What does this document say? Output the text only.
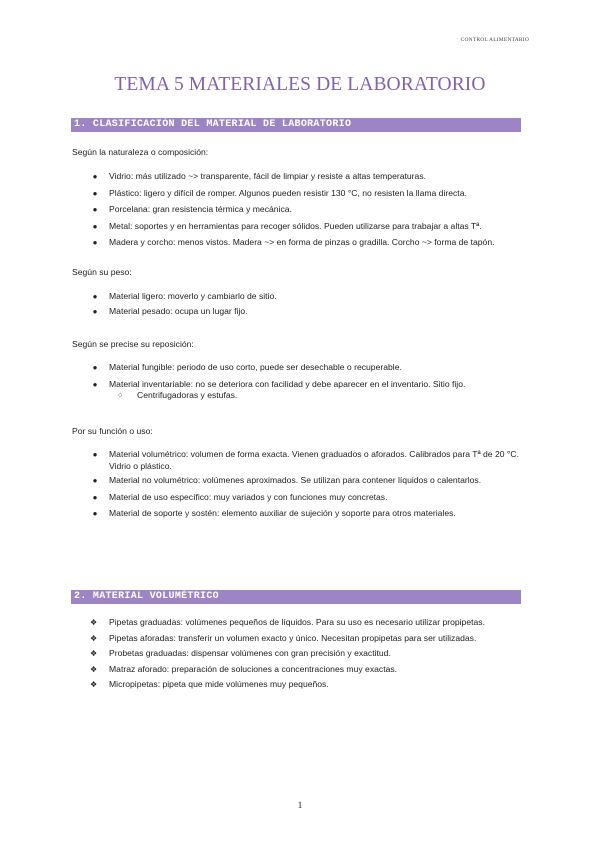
CONTROL ALIMENTARIO
TEMA 5 MATERIALES DE LABORATORIO
1. CLASIFICACIÓN DEL MATERIAL DE LABORATORIO
Según la naturaleza o composición:
● Vidrio: más utilizado ~> transparente, fácil de limpiar y resiste a altas temperaturas.
● Plástico: ligero y difícil de romper. Algunos pueden resistir 130 °C, no resisten la llama directa.
● Porcelana: gran resistencia térmica y mecánica.
● Metal: soportes y en herramientas para recoger sólidos. Pueden utilizarse para trabajar a altas Tª.
● Madera y corcho: menos vistos. Madera ~> en forma de pinzas o gradilla. Corcho ~> forma de tapón.
Según su peso:
● Material ligero: moverlo y cambiarlo de sitio.
● Material pesado: ocupa un lugar fijo.
Según se precise su reposición:
● Material fungible: periodo de uso corto, puede ser desechable o recuperable.
● Material inventariable: no se deteriora con facilidad y debe aparecer en el inventario. Sitio fijo.
○ Centrifugadoras y estufas.
Por su función o uso:
● Material volumétrico: volumen de forma exacta. Vienen graduados o aforados. Calibrados para Tª de 20 °C. Vidrio o plástico.
● Material no volumétrico: volúmenes aproximados. Se utilizan para contener líquidos o calentarlos.
● Material de uso específico: muy variados y con funciones muy concretas.
● Material de soporte y sostén: elemento auxiliar de sujeción y soporte para otros materiales.
2. MATERIAL VOLUMÉTRICO
❖ Pipetas graduadas: volúmenes pequeños de líquidos. Para su uso es necesario utilizar propipetas.
❖ Pipetas aforadas: transferir un volumen exacto y único. Necesitan propipetas para ser utilizadas.
❖ Probetas graduadas: dispensar volúmenes con gran precisión y exactitud.
❖ Matraz aforado: preparación de soluciones a concentraciones muy exactas.
❖ Micropipetas: pipeta que mide volúmenes muy pequeños.
1
